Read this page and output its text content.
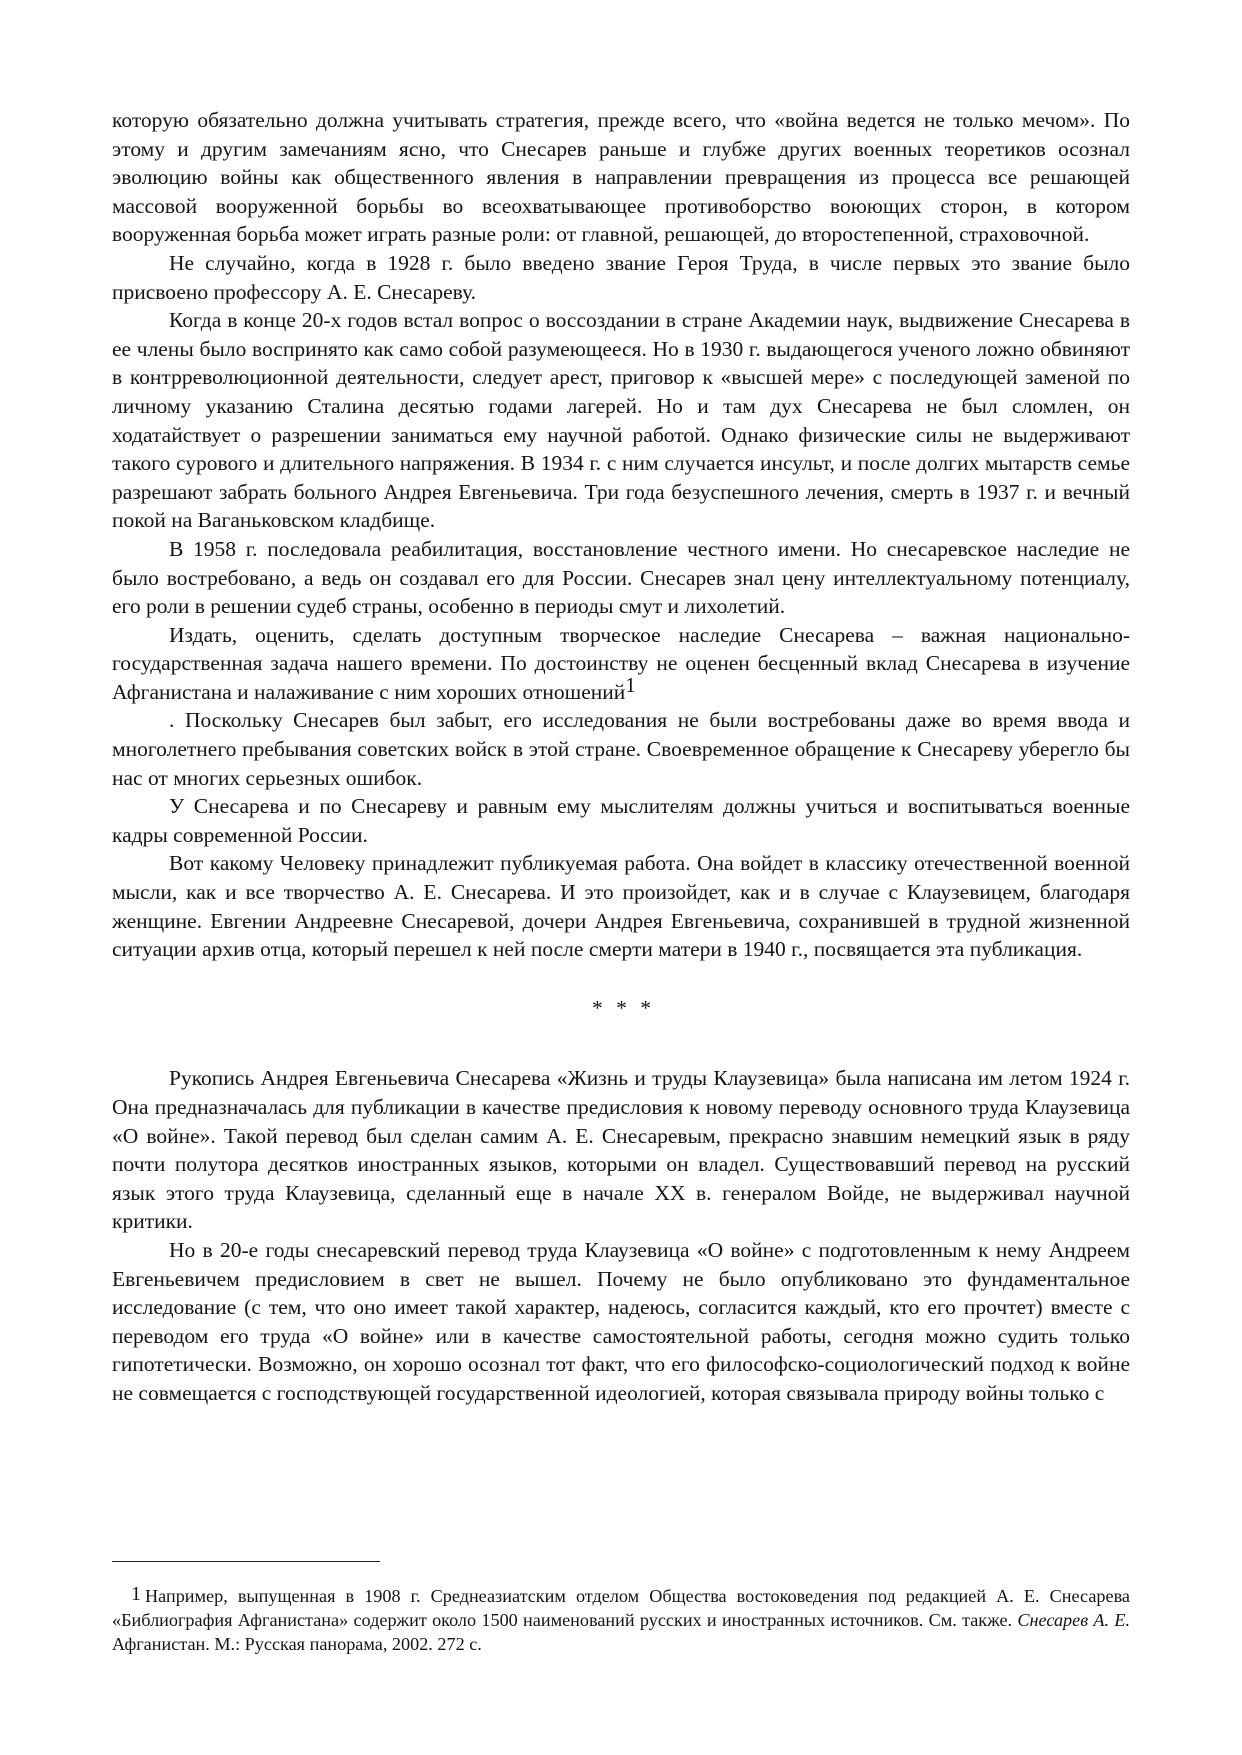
которую обязательно должна учитывать стратегия, прежде всего, что «война ведется не только мечом». По этому и другим замечаниям ясно, что Снесарев раньше и глубже других военных теоретиков осознал эволюцию войны как общественного явления в направлении превращения из процесса все решающей массовой вооруженной борьбы во всеохватывающее противоборство воюющих сторон, в котором вооруженная борьба может играть разные роли: от главной, решающей, до второстепенной, страховочной.

Не случайно, когда в 1928 г. было введено звание Героя Труда, в числе первых это звание было присвоено профессору А. Е. Снесареву.

Когда в конце 20-х годов встал вопрос о воссоздании в стране Академии наук, выдвижение Снесарева в ее члены было воспринято как само собой разумеющееся. Но в 1930 г. выдающегося ученого ложно обвиняют в контрреволюционной деятельности, следует арест, приговор к «высшей мере» с последующей заменой по личному указанию Сталина десятью годами лагерей. Но и там дух Снесарева не был сломлен, он ходатайствует о разрешении заниматься ему научной работой. Однако физические силы не выдерживают такого сурового и длительного напряжения. В 1934 г. с ним случается инсульт, и после долгих мытарств семье разрешают забрать больного Андрея Евгеньевича. Три года безуспешного лечения, смерть в 1937 г. и вечный покой на Ваганьковском кладбище.

В 1958 г. последовала реабилитация, восстановление честного имени. Но снесаревское наследие не было востребовано, а ведь он создавал его для России. Снесарев знал цену интеллектуальному потенциалу, его роли в решении судеб страны, особенно в периоды смут и лихолетий.

Издать, оценить, сделать доступным творческое наследие Снесарева – важная национально-государственная задача нашего времени. По достоинству не оценен бесценный вклад Снесарева в изучение Афганистана и налаживание с ним хороших отношений1

. Поскольку Снесарев был забыт, его исследования не были востребованы даже во время ввода и многолетнего пребывания советских войск в этой стране. Своевременное обращение к Снесареву уберегло бы нас от многих серьезных ошибок.

У Снесарева и по Снесареву и равным ему мыслителям должны учиться и воспитываться военные кадры современной России.

Вот какому Человеку принадлежит публикуемая работа. Она войдет в классику отечественной военной мысли, как и все творчество А. Е. Снесарева. И это произойдет, как и в случае с Клаузевицем, благодаря женщине. Евгении Андреевне Снесаревой, дочери Андрея Евгеньевича, сохранившей в трудной жизненной ситуации архив отца, который перешел к ней после смерти матери в 1940 г., посвящается эта публикация.

* * *

Рукопись Андрея Евгеньевича Снесарева «Жизнь и труды Клаузевица» была написана им летом 1924 г. Она предназначалась для публикации в качестве предисловия к новому переводу основного труда Клаузевица «О войне». Такой перевод был сделан самим А. Е. Снесаревым, прекрасно знавшим немецкий язык в ряду почти полутора десятков иностранных языков, которыми он владел. Существовавший перевод на русский язык этого труда Клаузевица, сделанный еще в начале XX в. генералом Войде, не выдерживал научной критики.

Но в 20-е годы снесаревский перевод труда Клаузевица «О войне» с подготовленным к нему Андреем Евгеньевичем предисловием в свет не вышел. Почему не было опубликовано это фундаментальное исследование (с тем, что оно имеет такой характер, надеюсь, согласится каждый, кто его прочтет) вместе с переводом его труда «О войне» или в качестве самостоятельной работы, сегодня можно судить только гипотетически. Возможно, он хорошо осознал тот факт, что его философско-социологический подход к войне не совмещается с господствующей государственной идеологией, которая связывала природу войны только с

1 Например, выпущенная в 1908 г. Среднеазиатским отделом Общества востоковедения под редакцией А. Е. Снесарева «Библиография Афганистана» содержит около 1500 наименований русских и иностранных источников. См. также. Снесарев А. Е. Афганистан. М.: Русская панорама, 2002. 272 с.
